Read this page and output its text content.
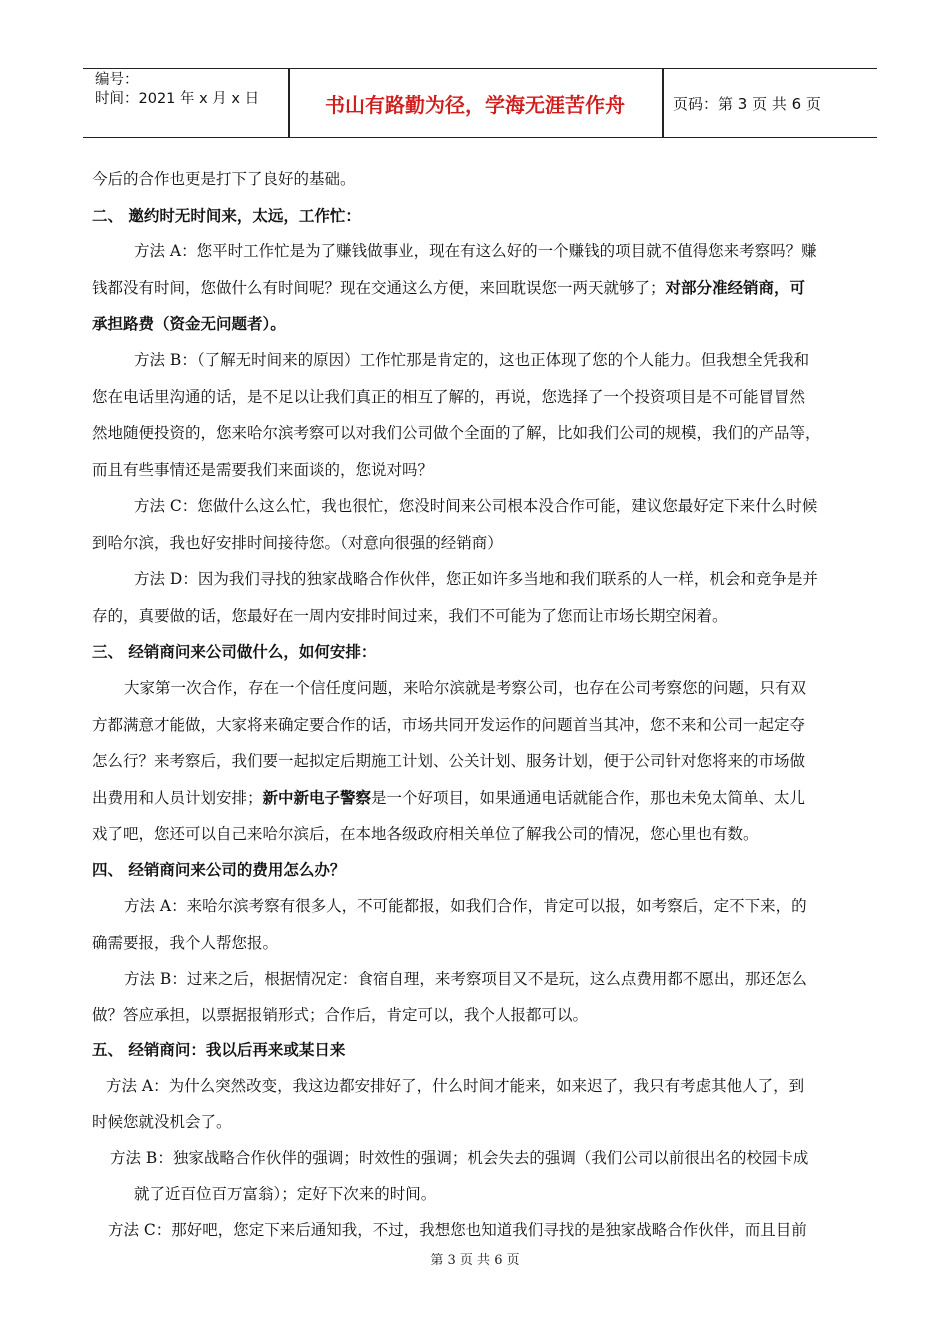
编号：
时间：2021 年 x 月 x 日	书山有路勤为径，学海无涯苦作舟	页码：第 3 页 共 6 页
今后的合作也更是打下了良好的基础。
二、 邀约时无时间来，太远，工作忙：
方法 A：您平时工作忙是为了赚钱做事业，现在有这么好的一个赚钱的项目就不值得您来考察吗？赚
钱都没有时间，您做什么有时间呢？现在交通这么方便，来回耽误您一两天就够了；对部分准经销商，可
承担路费（资金无问题者）。
方法 B：（了解无时间来的原因）工作忙那是肯定的，这也正体现了您的个人能力。但我想全凭我和
您在电话里沟通的话，是不足以让我们真正的相互了解的，再说，您选择了一个投资项目是不可能冒冒然
然地随便投资的，您来哈尔滨考察可以对我们公司做个全面的了解，比如我们公司的规模，我们的产品等，
而且有些事情还是需要我们来面谈的，您说对吗？
方法 C：您做什么这么忙，我也很忙，您没时间来公司根本没合作可能，建议您最好定下来什么时候
到哈尔滨，我也好安排时间接待您。（对意向很强的经销商）
方法 D：因为我们寻找的独家战略合作伙伴，您正如许多当地和我们联系的人一样，机会和竞争是并
存的，真要做的话，您最好在一周内安排时间过来，我们不可能为了您而让市场长期空闲着。
三、 经销商问来公司做什么，如何安排：
大家第一次合作，存在一个信任度问题，来哈尔滨就是考察公司，也存在公司考察您的问题，只有双
方都满意才能做，大家将来确定要合作的话，市场共同开发运作的问题首当其冲，您不来和公司一起定夺
怎么行？来考察后，我们要一起拟定后期施工计划、公关计划、服务计划，便于公司针对您将来的市场做
出费用和人员计划安排；新中新电子警察是一个好项目，如果通通电话就能合作，那也未免太简单、太儿
戏了吧，您还可以自己来哈尔滨后，在本地各级政府相关单位了解我公司的情况，您心里也有数。
四、 经销商问来公司的费用怎么办？
方法 A：来哈尔滨考察有很多人，不可能都报，如我们合作，肯定可以报，如考察后，定不下来，的
确需要报，我个人帮您报。
方法 B：过来之后，根据情况定：食宿自理，来考察项目又不是玩，这么点费用都不愿出，那还怎么
做？答应承担，以票据报销形式；合作后，肯定可以，我个人报都可以。
五、 经销商问：我以后再来或某日来
方法 A：为什么突然改变，我这边都安排好了，什么时间才能来，如来迟了，我只有考虑其他人了，到
时候您就没机会了。
方法 B：独家战略合作伙伴的强调；时效性的强调；机会失去的强调（我们公司以前很出名的校园卡成
就了近百位百万富翁）；定好下次来的时间。
方法 C：那好吧，您定下来后通知我，不过，我想您也知道我们寻找的是独家战略合作伙伴，而且目前
第 3 页 共 6 页
